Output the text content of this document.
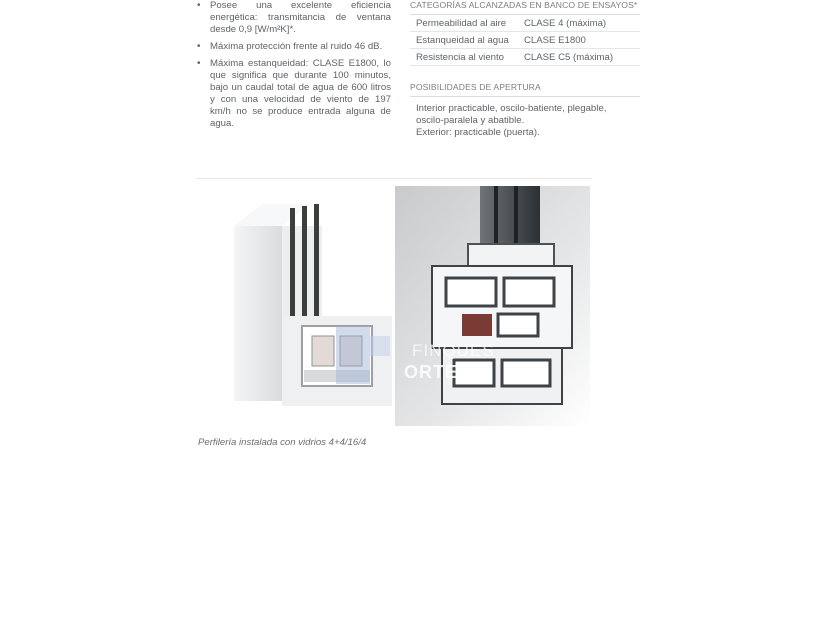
• Posee una excelente eficiencia energética: transmitancia de ventana desde 0,9 [W/m²K]*.
• Máxima protección frente al ruido 46 dB.
• Máxima estanqueidad: CLASE E1800, lo que significa que durante 100 minutos, bajo un caudal total de agua de 600 litros y con una velocidad de viento de 197 km/h no se produce entrada alguna de agua.
CATEGORÍAS ALCANZADAS EN BANCO DE ENSAYOS*
Permeabilidad al aire	CLASE 4 (máxima)
Estanqueidad al agua	CLASE E1800
Resistencia al viento	CLASE C5 (máxima)
POSIBILIDADES DE APERTURA
Interior practicable, oscilo-batiente, plegable,
oscilo-paralela y abatible.
Exterior: practicable (puerta).
FINQUES
ORTEGA
Perfilería instalada con vidrios 4+4/16/4
